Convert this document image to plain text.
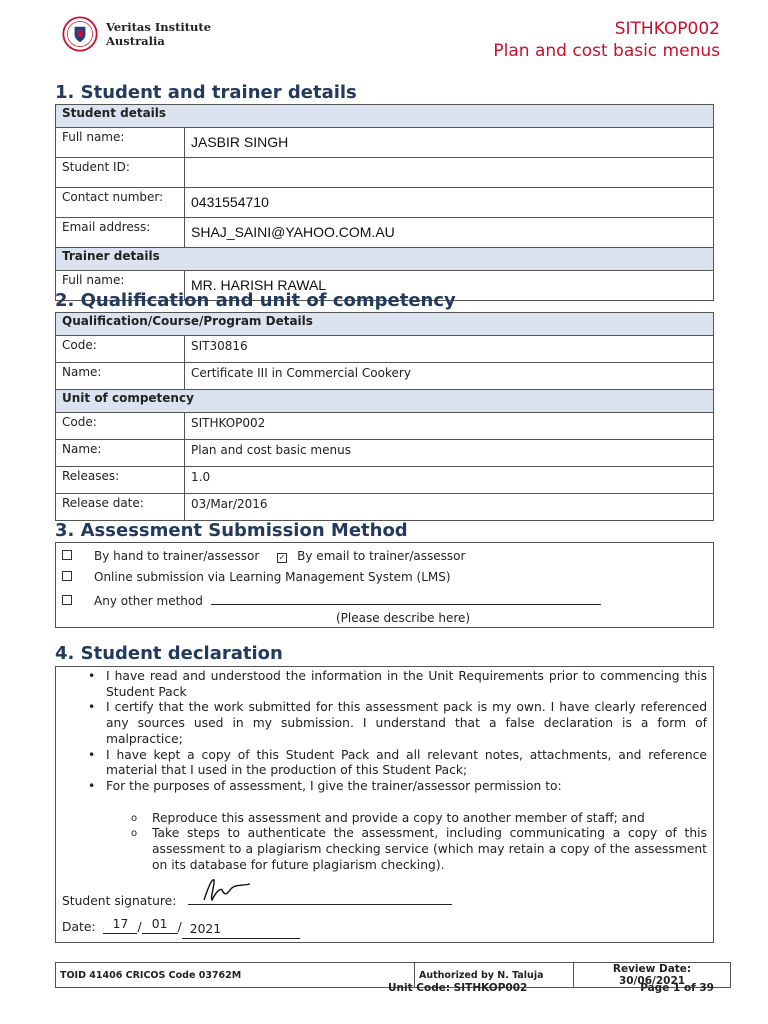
Veritas Institute
Australia
SITHKOP002
Plan and cost basic menus
1. Student and trainer details
Student details	
Full name:	JASBIR SINGH
Student ID:	
Contact number:	0431554710
Email address:	SHAJ_SAINI@YAHOO.COM.AU
Trainer details	
Full name:	MR. HARISH RAWAL
2. Qualification and unit of competency
Qualification/Course/Program Details	
Code:	SIT30816
Name:	Certificate III in Commercial Cookery
Unit of competency	
Code:	SITHKOP002
Name:	Plan and cost basic menus
Releases:	1.0
Release date:	03/Mar/2016
3. Assessment Submission Method
By hand to trainer/assessor ✓ By email to trainer/assessor
Online submission via Learning Management System (LMS)
Any other method
(Please describe here)
4. Student declaration
• I have read and understood the information in the Unit Requirements prior to commencing this Student Pack
• I certify that the work submitted for this assessment pack is my own. I have clearly referenced any sources used in my submission. I understand that a false declaration is a form of malpractice;
• I have kept a copy of this Student Pack and all relevant notes, attachments, and reference material that I used in the production of this Student Pack;
• For the purposes of assessment, I give the trainer/assessor permission to:
o Reproduce this assessment and provide a copy to another member of staff; and
o Take steps to authenticate the assessment, including communicating a copy of this assessment to a plagiarism checking service (which may retain a copy of the assessment on its database for future plagiarism checking).
Student signature:
Date: 17 / 01 / 2021
TOID 41406 CRICOS Code 03762M	Authorized by N. Taluja	Review Date: 30/06/2021
Unit Code: SITHKOP002	Page 1 of 39
